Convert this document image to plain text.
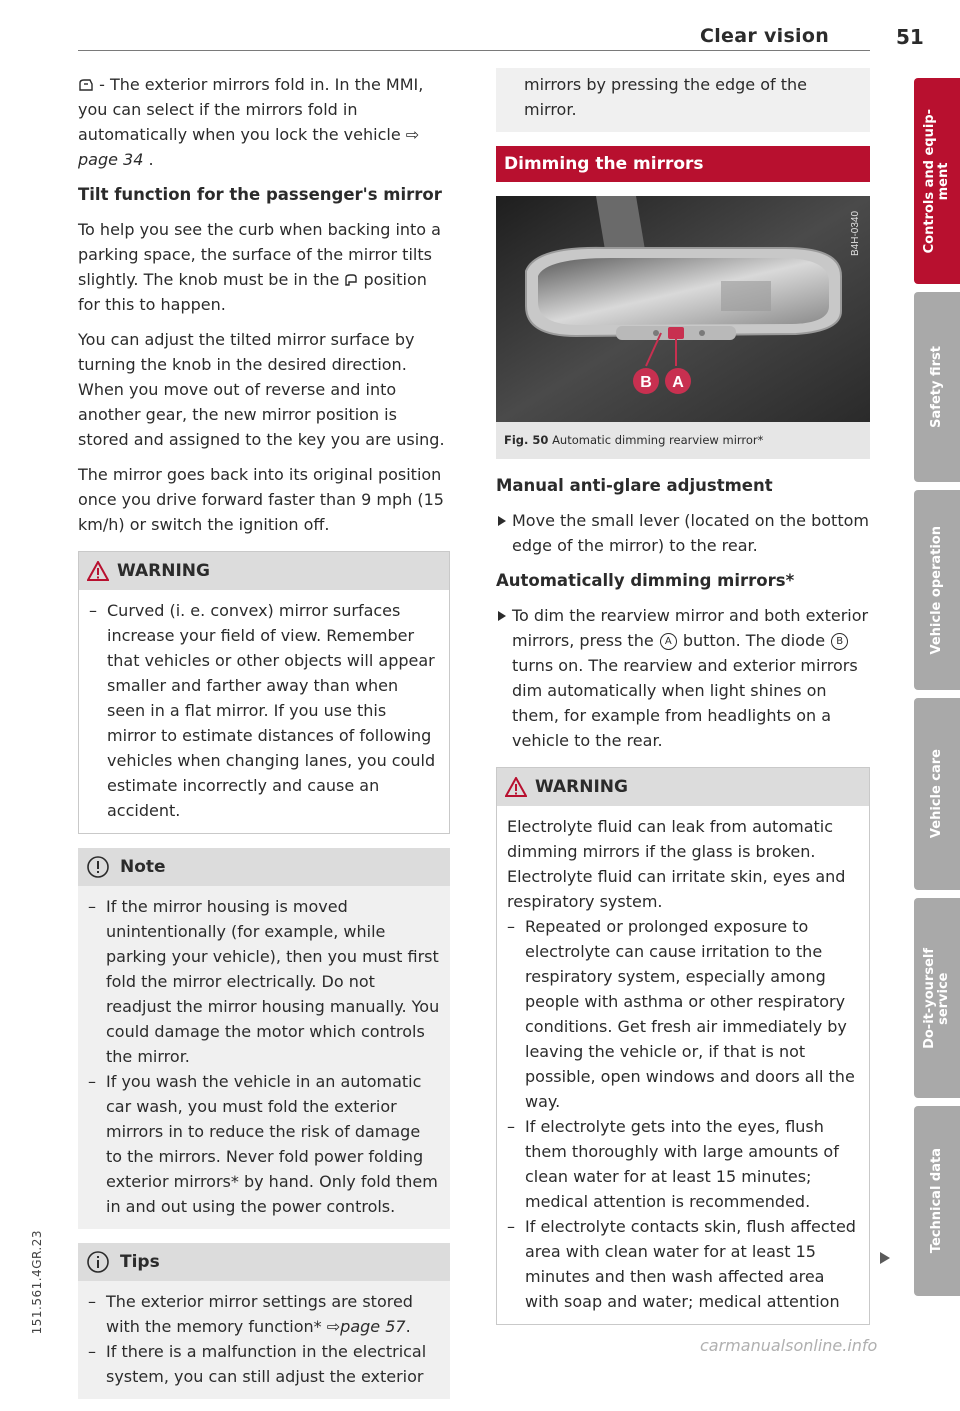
Clear vision	51

- The exterior mirrors fold in. In the MMI, you can select if the mirrors fold in automatically when you lock the vehicle ⇨ page 34 .

Tilt function for the passenger's mirror

To help you see the curb when backing into a parking space, the surface of the mirror tilts slightly. The knob must be in the  position for this to happen.

You can adjust the tilted mirror surface by turning the knob in the desired direction. When you move out of reverse and into another gear, the new mirror position is stored and assigned to the key you are using.

The mirror goes back into its original position once you drive forward faster than 9 mph (15 km/h) or switch the ignition off.

WARNING
– Curved (i. e. convex) mirror surfaces increase your field of view. Remember that vehicles or other objects will appear smaller and farther away than when seen in a flat mirror. If you use this mirror to estimate distances of following vehicles when changing lanes, you could estimate incorrectly and cause an accident.
Note
– If the mirror housing is moved unintentionally (for example, while parking your vehicle), then you must first fold the mirror electrically. Do not readjust the mirror housing manually. You could damage the motor which controls the mirror.
– If you wash the vehicle in an automatic car wash, you must fold the exterior mirrors in to reduce the risk of damage to the mirrors. Never fold power folding exterior mirrors* by hand. Only fold them in and out using the power controls.
Tips
– The exterior mirror settings are stored with the memory function* ⇨page 57.
– If there is a malfunction in the electrical system, you can still adjust the exterior

mirrors by pressing the edge of the mirror.

Dimming the mirrors
B A
B4H-0340
Fig. 50 Automatic dimming rearview mirror*
Manual anti-glare adjustment

Move the small lever (located on the bottom edge of the mirror) to the rear.

Automatically dimming mirrors*

To dim the rearview mirror and both exterior mirrors, press the A button. The diode B turns on. The rearview and exterior mirrors dim automatically when light shines on them, for example from headlights on a vehicle to the rear.

WARNING

Electrolyte fluid can leak from automatic dimming mirrors if the glass is broken. Electrolyte fluid can irritate skin, eyes and respiratory system.

– Repeated or prolonged exposure to electrolyte can cause irritation to the respiratory system, especially among people with asthma or other respiratory conditions. Get fresh air immediately by leaving the vehicle or, if that is not possible, open windows and doors all the way.
– If electrolyte gets into the eyes, flush them thoroughly with large amounts of clean water for at least 15 minutes; medical attention is recommended.
– If electrolyte contacts skin, flush affected area with clean water for at least 15 minutes and then wash affected area with soap and water; medical attention
Controls and equip-
ment
Safety first
Vehicle operation
Vehicle care
Do-it-yourself
service
Technical data
151.561.4GR.23
carmanualsonline.info
